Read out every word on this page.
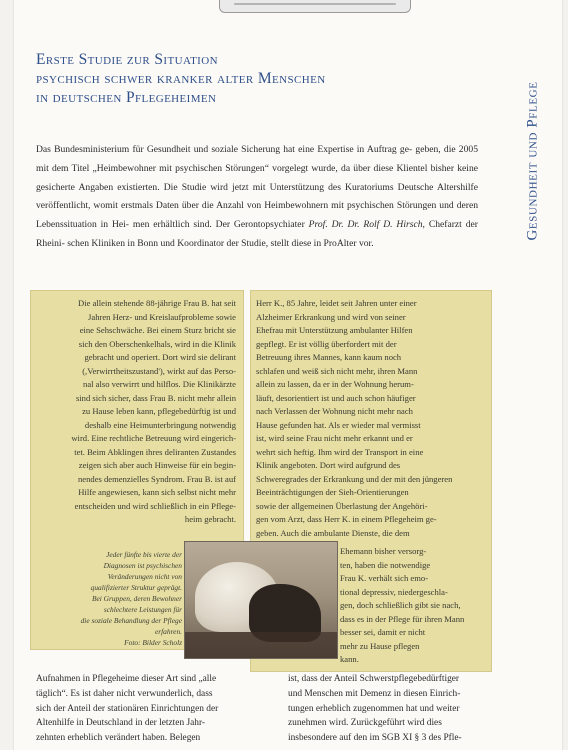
Erste Studie zur Situation
psychisch schwer kranker alter Menschen
in deutschen Pflegeheimen	Gesundheit und Pflege
Das Bundesministerium für Gesundheit und soziale Sicherung hat eine Expertise in Auftrag ge- geben, die 2005 mit dem Titel „Heimbewohner mit psychischen Störungen“ vorgelegt wurde, da über diese Klientel bisher keine gesicherte Angaben existierten. Die Studie wird jetzt mit Unterstützung des Kuratoriums Deutsche Altershilfe veröffentlicht, womit erstmals Daten über die Anzahl von Heimbewohnern mit psychischen Störungen und deren Lebenssituation in Hei- men erhältlich sind. Der Gerontopsychiater Prof. Dr. Dr. Rolf D. Hirsch, Chefarzt der Rheini- schen Kliniken in Bonn und Koordinator der Studie, stellt diese in ProAlter vor.
Die allein stehende 88-jährige Frau B. hat seit
Jahren Herz- und Kreislaufprobleme sowie
eine Sehschwäche. Bei einem Sturz bricht sie
sich den Oberschenkelhals, wird in die Klinik
gebracht und operiert. Dort wird sie delirant
(,Verwirrtheitszustand'), wirkt auf das Perso-
nal also verwirrt und hilflos. Die Klinikärzte
sind sich sicher, dass Frau B. nicht mehr allein
zu Hause leben kann, pflegebedürftig ist und
deshalb eine Heimunterbringung notwendig
wird. Eine rechtliche Betreuung wird eingerich-
tet. Beim Abklingen ihres deliranten Zustandes
zeigen sich aber auch Hinweise für ein begin-
nendes demenzielles Syndrom. Frau B. ist auf
Hilfe angewiesen, kann sich selbst nicht mehr
entscheiden und wird schließlich in ein Pflege-
heim gebracht.
Herr K., 85 Jahre, leidet seit Jahren unter einer
Alzheimer Erkrankung und wird von seiner
Ehefrau mit Unterstützung ambulanter Hilfen
gepflegt. Er ist völlig überfordert mit der
Betreuung ihres Mannes, kann kaum noch
schlafen und weiß sich nicht mehr, ihren Mann
allein zu lassen, da er in der Wohnung herum-
läuft, desorientiert ist und auch schon häufiger
nach Verlassen der Wohnung nicht mehr nach
Hause gefunden hat. Als er wieder mal vermisst
ist, wird seine Frau nicht mehr erkannt und er
wehrt sich heftig. Ihm wird der Transport in eine
Klinik angeboten. Dort wird aufgrund des
Schweregrades der Erkrankung und der mit den jüngeren
Beeinträchtigungen der Sieh-Orientierungen
sowie der allgemeinen Überlastung der Angehöri-
gen vom Arzt, dass Herr K. in einem Pflegeheim ge-
geben. Auch die ambulante Dienste, die dem
Ehemann bisher versorg-
ten, haben die notwendige
Frau K. verhält sich emo-
tional depressiv, niedergeschla-
gen, doch schließlich gibt sie nach,
dass es in der Pflege für ihren Mann
besser sei, damit er nicht
mehr zu Hause pflegen
kann.
Jeder fünfte bis vierte der
Diagnosen ist psychischen
Veränderungen nicht von
qualifizierter Struktur geprägt.
Bei Gruppen, deren Bewohner
schlechtere Leistungen für
die soziale Behandlung der Pflege
erfahren.
Foto: Bilder Scholz
Aufnahmen in Pflegeheime dieser Art sind „alle
täglich“. Es ist daher nicht verwunderlich, dass
sich der Anteil der stationären Einrichtungen der
Altenhilfe in Deutschland in der letzten Jahr-
zehnten erheblich verändert haben. Belegen
ist, dass der Anteil Schwerstpflegebedürftiger
und Menschen mit Demenz in diesen Einrich-
tungen erheblich zugenommen hat und weiter
zunehmen wird. Zurückgeführt wird dies
insbesondere auf den im SGB XI § 3 des Pfle-
